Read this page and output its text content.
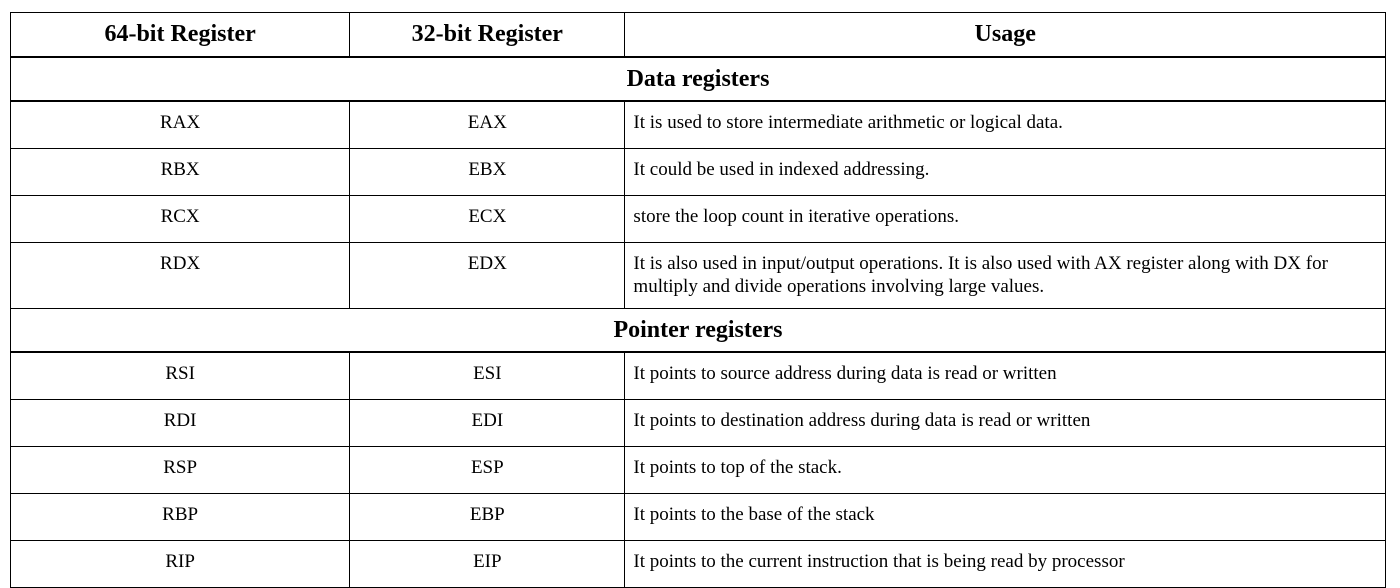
64-bit Register	32-bit Register	Usage
Data registers		
RAX	EAX	It is used to store intermediate arithmetic or logical data.
RBX	EBX	It could be used in indexed addressing.
RCX	ECX	store the loop count in iterative operations.
RDX	EDX	It is also used in input/output operations. It is also used with AX register along with DX for multiply and divide operations involving large values.
Pointer registers		
RSI	ESI	It points to source address during data is read or written
RDI	EDI	It points to destination address during data is read or written
RSP	ESP	It points to top of the stack.
RBP	EBP	It points to the base of the stack
RIP	EIP	It points to the current instruction that is being read by processor
